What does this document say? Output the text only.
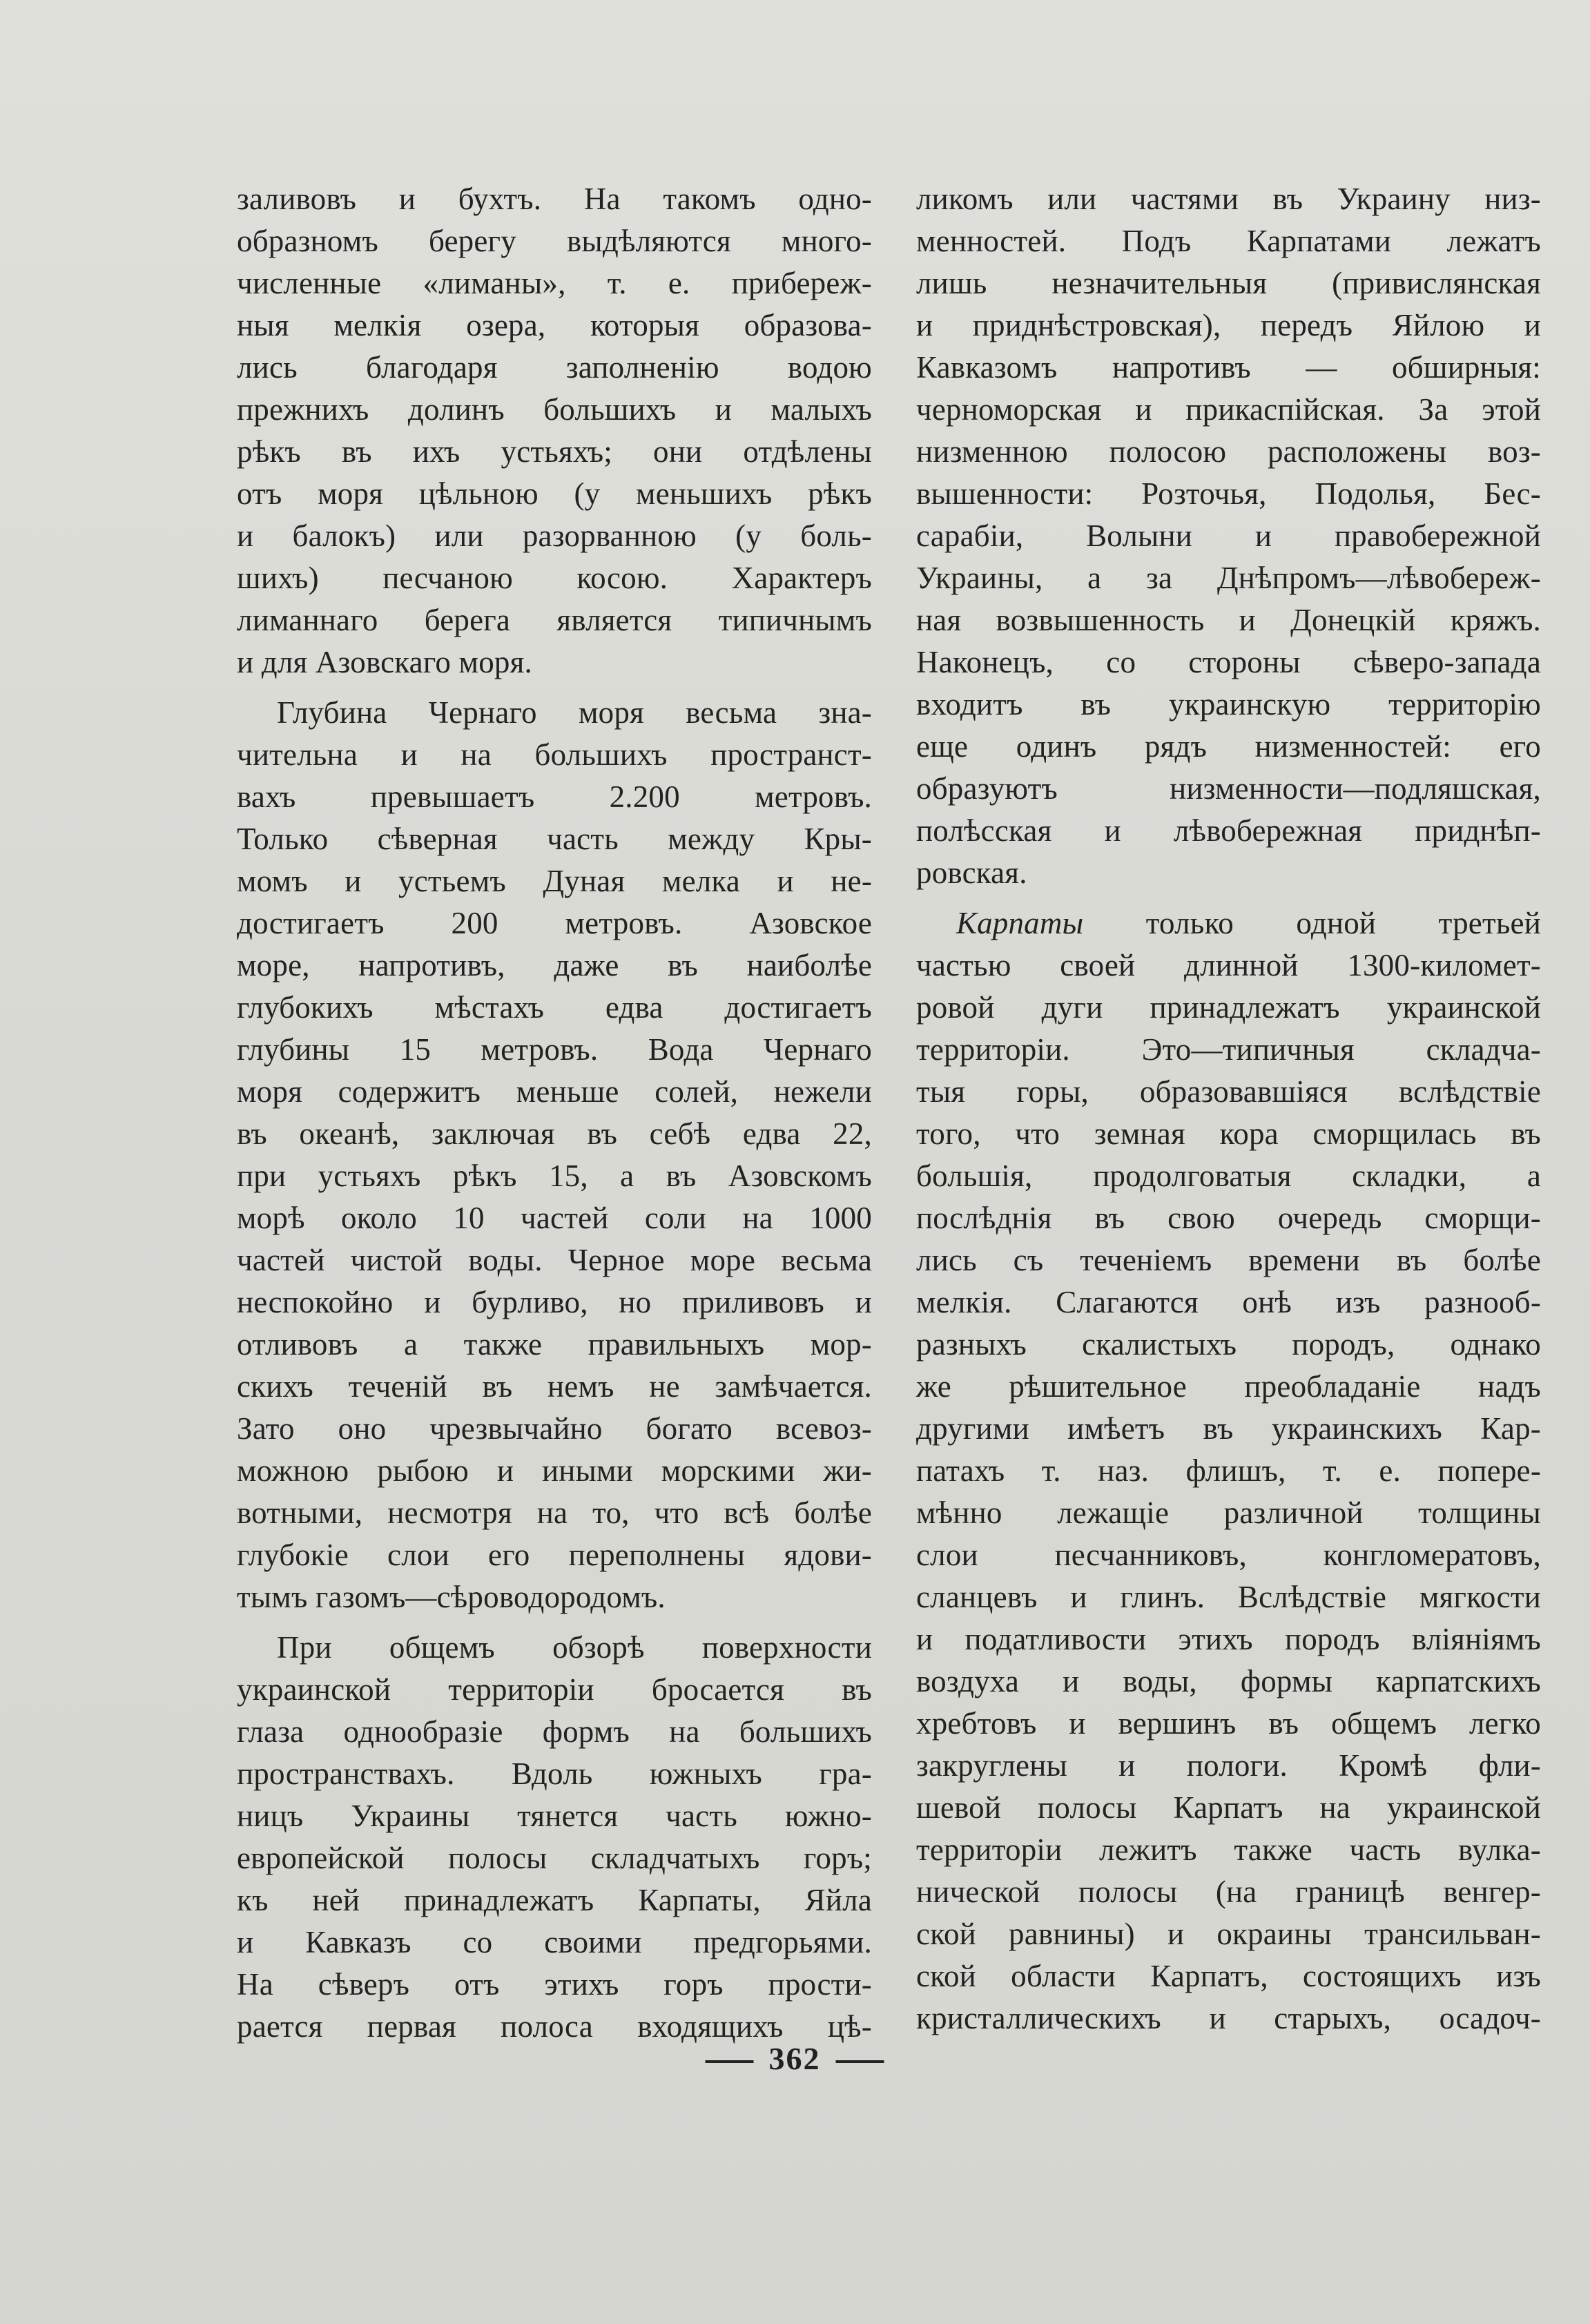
заливовъ и бухтъ. На такомъ одно-
образномъ берегу выдѣляются много-
численные «лиманы», т. е. прибереж-
ныя мелкія озера, которыя образова-
лись благодаря заполненію водою
прежнихъ долинъ большихъ и малыхъ
рѣкъ въ ихъ устьяхъ; они отдѣлены
отъ моря цѣльною (у меньшихъ рѣкъ
и балокъ) или разорванною (у боль-
шихъ) песчаною косою. Характеръ
лиманнаго берега является типичнымъ
и для Азовскаго моря.
Глубина Чернаго моря весьма зна-
чительна и на большихъ пространст-
вахъ превышаетъ 2.200 метровъ.
Только сѣверная часть между Кры-
момъ и устьемъ Дуная мелка и не-
достигаетъ 200 метровъ. Азовское
море, напротивъ, даже въ наиболѣе
глубокихъ мѣстахъ едва достигаетъ
глубины 15 метровъ. Вода Чернаго
моря содержитъ меньше солей, нежели
въ океанѣ, заключая въ себѣ едва 22,
при устьяхъ рѣкъ 15, а въ Азовскомъ
морѣ около 10 частей соли на 1000
частей чистой воды. Черное море весьма
неспокойно и бурливо, но приливовъ и
отливовъ а также правильныхъ мор-
скихъ теченій въ немъ не замѣчается.
Зато оно чрезвычайно богато всевоз-
можною рыбою и иными морскими жи-
вотными, несмотря на то, что всѣ болѣе
глубокіе слои его переполнены ядови-
тымъ газомъ—сѣроводородомъ.
При общемъ обзорѣ поверхности
украинской территоріи бросается въ
глаза однообразіе формъ на большихъ
пространствахъ. Вдоль южныхъ гра-
ницъ Украины тянется часть южно-
европейской полосы складчатыхъ горъ;
къ ней принадлежатъ Карпаты, Яйла
и Кавказъ со своими предгорьями.
На сѣверъ отъ этихъ горъ прости-
рается первая полоса входящихъ цѣ-
ликомъ или частями въ Украину низ-
менностей. Подъ Карпатами лежатъ
лишь незначительныя (привислянская
и приднѣстровская), передъ Яйлою и
Кавказомъ напротивъ — обширныя:
черноморская и прикаспійская. За этой
низменною полосою расположены воз-
вышенности: Розточья, Подолья, Бес-
сарабіи, Волыни и правобережной
Украины, а за Днѣпромъ—лѣвобереж-
ная возвышенность и Донецкій кряжъ.
Наконецъ, со стороны сѣверо-запада
входитъ въ украинскую территорію
еще одинъ рядъ низменностей: его
образуютъ низменности—подляшская,
полѣсская и лѣвобережная приднѣп-
ровская.
Карпаты только одной третьей
частью своей длинной 1300-километ-
ровой дуги принадлежатъ украинской
территоріи. Это—типичныя складча-
тыя горы, образовавшіяся вслѣдствіе
того, что земная кора сморщилась въ
большія, продолговатыя складки, а
послѣднія въ свою очередь сморщи-
лись съ теченіемъ времени въ болѣе
мелкія. Слагаются онѣ изъ разнооб-
разныхъ скалистыхъ породъ, однако
же рѣшительное преобладаніе надъ
другими имѣетъ въ украинскихъ Кар-
патахъ т. наз. флишъ, т. е. попере-
мѣнно лежащіе различной толщины
слои песчанниковъ, конгломератовъ,
сланцевъ и глинъ. Вслѣдствіе мягкости
и податливости этихъ породъ вліяніямъ
воздуха и воды, формы карпатскихъ
хребтовъ и вершинъ въ общемъ легко
закруглены и пологи. Кромѣ фли-
шевой полосы Карпатъ на украинской
территоріи лежитъ также часть вулка-
нической полосы (на границѣ венгер-
ской равнины) и окраины трансильван-
ской области Карпатъ, состоящихъ изъ
кристаллическихъ и старыхъ, осадоч-
362
